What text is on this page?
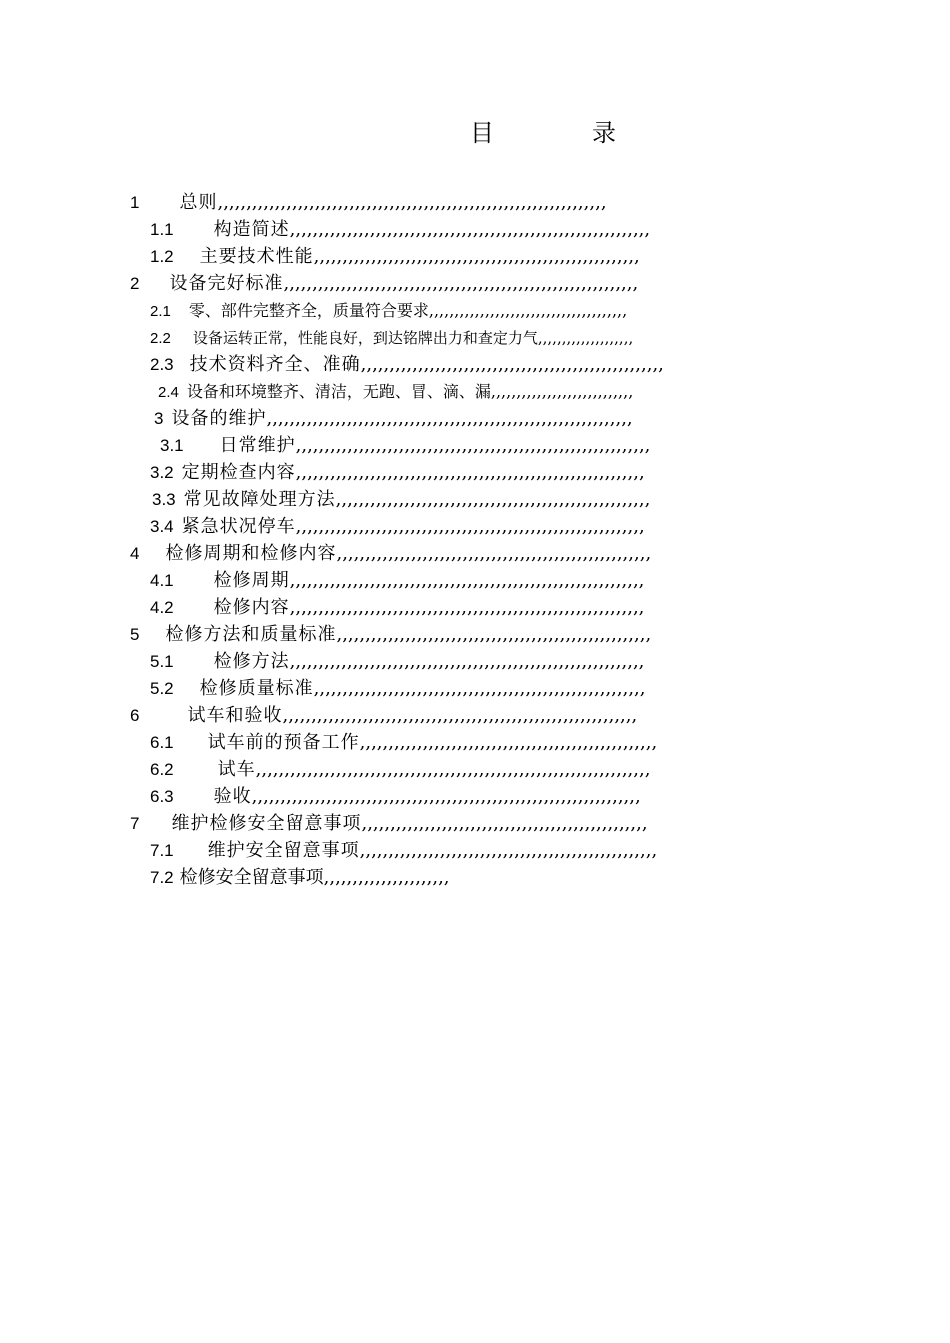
目	录
1 总则,,,,,,,,,,,,,,,,,,,,,,,,,,,,,,,,,,,,,,,,,,,,,,,,,,,,,,,,,,,,,,,,,,,,
1.1 构造简述,,,,,,,,,,,,,,,,,,,,,,,,,,,,,,,,,,,,,,,,,,,,,,,,,,,,,,,,,,,,,,,
1.2 主要技术性能,,,,,,,,,,,,,,,,,,,,,,,,,,,,,,,,,,,,,,,,,,,,,,,,,,,,,,,,,
2 设备完好标准,,,,,,,,,,,,,,,,,,,,,,,,,,,,,,,,,,,,,,,,,,,,,,,,,,,,,,,,,,,,,,
2.1 零、部件完整齐全，质量符合要求,,,,,,,,,,,,,,,,,,,,,,,,,,,,,,,,,,,,,,,
2.2 设备运转正常，性能良好，到达铭牌出力和查定力气,,,,,,,,,,,,,,,,,,,,
2.3 技术资料齐全、准确,,,,,,,,,,,,,,,,,,,,,,,,,,,,,,,,,,,,,,,,,,,,,,,,,,,,,
2.4 设备和环境整齐、清洁，无跑、冒、滴、漏,,,,,,,,,,,,,,,,,,,,,,,,,,,,
3 设备的维护,,,,,,,,,,,,,,,,,,,,,,,,,,,,,,,,,,,,,,,,,,,,,,,,,,,,,,,,,,,,,,,,
3.1 日常维护,,,,,,,,,,,,,,,,,,,,,,,,,,,,,,,,,,,,,,,,,,,,,,,,,,,,,,,,,,,,,,
3.2 定期检查内容,,,,,,,,,,,,,,,,,,,,,,,,,,,,,,,,,,,,,,,,,,,,,,,,,,,,,,,,,,,,,
3.3 常见故障处理方法,,,,,,,,,,,,,,,,,,,,,,,,,,,,,,,,,,,,,,,,,,,,,,,,,,,,,,,
3.4 紧急状况停车,,,,,,,,,,,,,,,,,,,,,,,,,,,,,,,,,,,,,,,,,,,,,,,,,,,,,,,,,,,,,
4 检修周期和检修内容,,,,,,,,,,,,,,,,,,,,,,,,,,,,,,,,,,,,,,,,,,,,,,,,,,,,,,,
4.1 检修周期,,,,,,,,,,,,,,,,,,,,,,,,,,,,,,,,,,,,,,,,,,,,,,,,,,,,,,,,,,,,,,
4.2 检修内容,,,,,,,,,,,,,,,,,,,,,,,,,,,,,,,,,,,,,,,,,,,,,,,,,,,,,,,,,,,,,,
5 检修方法和质量标准,,,,,,,,,,,,,,,,,,,,,,,,,,,,,,,,,,,,,,,,,,,,,,,,,,,,,,,
5.1 检修方法,,,,,,,,,,,,,,,,,,,,,,,,,,,,,,,,,,,,,,,,,,,,,,,,,,,,,,,,,,,,,,
5.2 检修质量标准,,,,,,,,,,,,,,,,,,,,,,,,,,,,,,,,,,,,,,,,,,,,,,,,,,,,,,,,,,
6	试车和验收,,,,,,,,,,,,,,,,,,,,,,,,,,,,,,,,,,,,,,,,,,,,,,,,,,,,,,,,,,,,,,
6.1 试车前的预备工作,,,,,,,,,,,,,,,,,,,,,,,,,,,,,,,,,,,,,,,,,,,,,,,,,,,,
6.2 试车,,,,,,,,,,,,,,,,,,,,,,,,,,,,,,,,,,,,,,,,,,,,,,,,,,,,,,,,,,,,,,,,,,,,,
6.3 验收,,,,,,,,,,,,,,,,,,,,,,,,,,,,,,,,,,,,,,,,,,,,,,,,,,,,,,,,,,,,,,,,,,,,
7 维护检修安全留意事项,,,,,,,,,,,,,,,,,,,,,,,,,,,,,,,,,,,,,,,,,,,,,,,,,,
7.1 维护安全留意事项,,,,,,,,,,,,,,,,,,,,,,,,,,,,,,,,,,,,,,,,,,,,,,,,,,,,
7.2 检修安全留意事项,,,,,,,,,,,,,,,,,,,,,,
